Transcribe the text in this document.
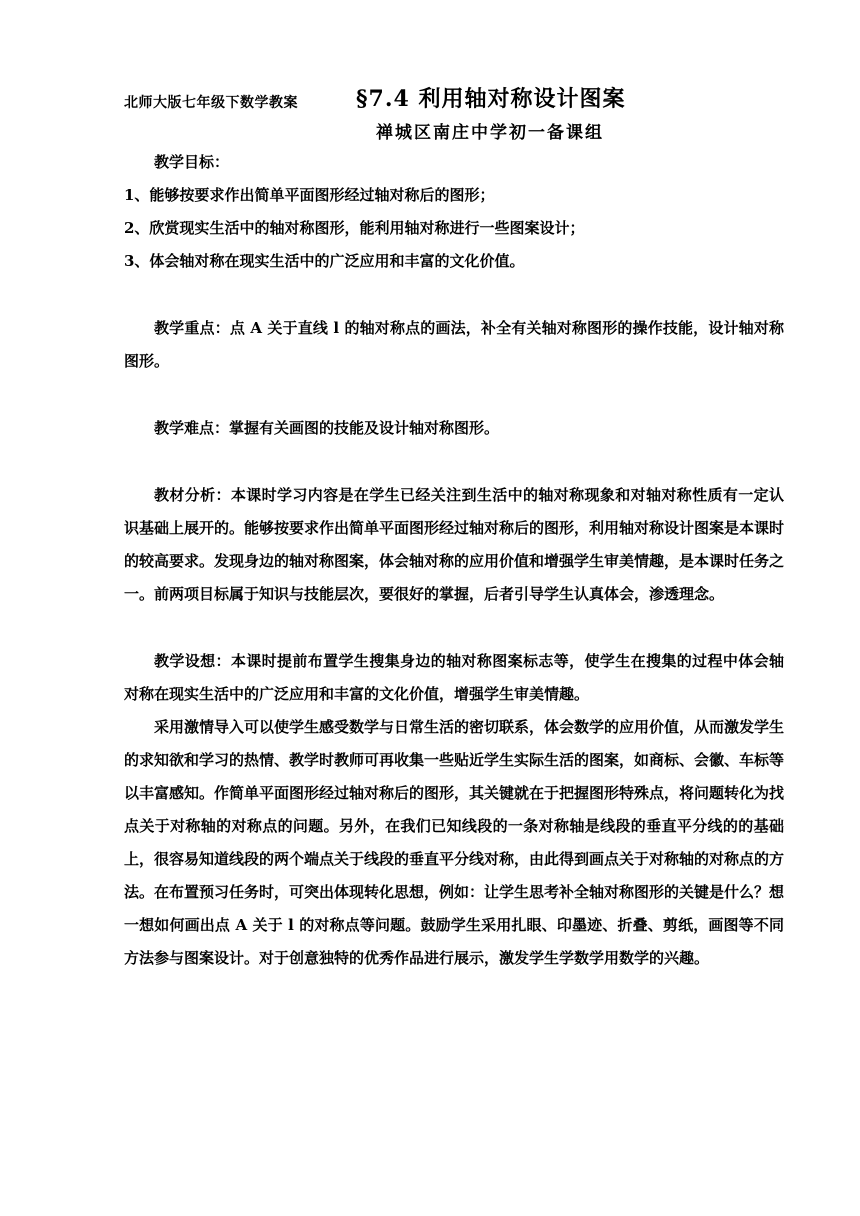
北师大版七年级下数学教案	§7.4 利用轴对称设计图案
禅城区南庄中学初一备课组

教学目标：

1、能够按要求作出简单平面图形经过轴对称后的图形；

2、欣赏现实生活中的轴对称图形，能利用轴对称进行一些图案设计；

3、体会轴对称在现实生活中的广泛应用和丰富的文化价值。

教学重点：点 A 关于直线 l 的轴对称点的画法，补全有关轴对称图形的操作技能，设计轴对称图形。

教学难点：掌握有关画图的技能及设计轴对称图形。

教材分析：本课时学习内容是在学生已经关注到生活中的轴对称现象和对轴对称性质有一定认识基础上展开的。能够按要求作出简单平面图形经过轴对称后的图形，利用轴对称设计图案是本课时的较高要求。发现身边的轴对称图案，体会轴对称的应用价值和增强学生审美情趣，是本课时任务之一。前两项目标属于知识与技能层次，要很好的掌握，后者引导学生认真体会，渗透理念。

教学设想：本课时提前布置学生搜集身边的轴对称图案标志等，使学生在搜集的过程中体会轴对称在现实生活中的广泛应用和丰富的文化价值，增强学生审美情趣。

采用激情导入可以使学生感受数学与日常生活的密切联系，体会数学的应用价值，从而激发学生的求知欲和学习的热情、教学时教师可再收集一些贴近学生实际生活的图案，如商标、会徽、车标等以丰富感知。作简单平面图形经过轴对称后的图形，其关键就在于把握图形特殊点，将问题转化为找点关于对称轴的对称点的问题。另外，在我们已知线段的一条对称轴是线段的垂直平分线的的基础上，很容易知道线段的两个端点关于线段的垂直平分线对称，由此得到画点关于对称轴的对称点的方法。在布置预习任务时，可突出体现转化思想，例如：让学生思考补全轴对称图形的关键是什么？想一想如何画出点 A 关于 l 的对称点等问题。鼓励学生采用扎眼、印墨迹、折叠、剪纸，画图等不同方法参与图案设计。对于创意独特的优秀作品进行展示，激发学生学数学用数学的兴趣。
